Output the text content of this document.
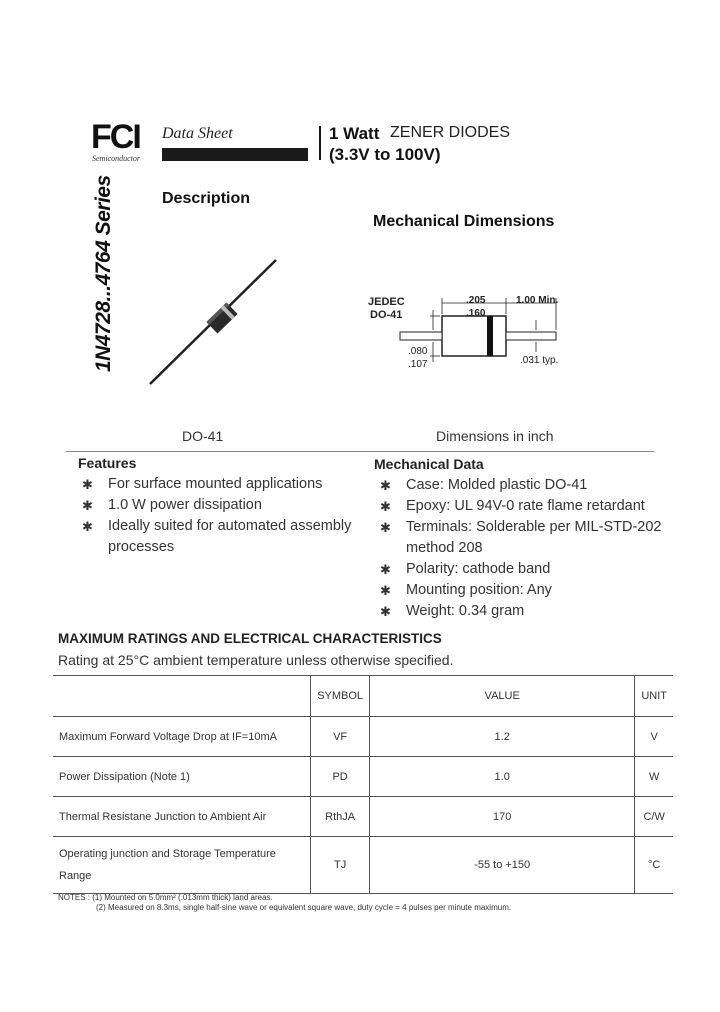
FCI
Semiconductor
Data Sheet	1 Watt ZENER DIODES
(3.3V to 100V)
1N4728...4764 Series	Description
DO-41
Mechanical Dimensions
JEDEC
DO-41
.205
.160
1.00 Min.
.080
.107	.031 typ.
Dimensions in inch
Features
✱ For surface mounted applications
✱ 1.0 W power dissipation
✱ Ideally suited for automated assembly
processes
Mechanical Data
✱ Case: Molded plastic DO-41
✱ Epoxy: UL 94V-0 rate flame retardant
✱ Terminals: Solderable per MIL-STD-202
method 208
✱ Polarity: cathode band
✱ Mounting position: Any
✱ Weight: 0.34 gram
MAXIMUM RATINGS AND ELECTRICAL CHARACTERISTICS
Rating at 25°C ambient temperature unless otherwise specified.
	SYMBOL	VALUE	UNIT
Maximum Forward Voltage Drop at IF=10mA	VF	1.2	V
Power Dissipation (Note 1)	PD	1.0	W
Thermal Resistane Junction to Ambient Air	RthJA	170	C/W

Operating junction and Storage Temperature
Range	TJ	-55 to +150	°C
NOTES : (1) Mounted on 5.0mm² (.013mm thick) land areas.
(2) Measured on 8.3ms, single half-sine wave or equivalent square wave, duty cycle = 4 pulses per minute maximum.
